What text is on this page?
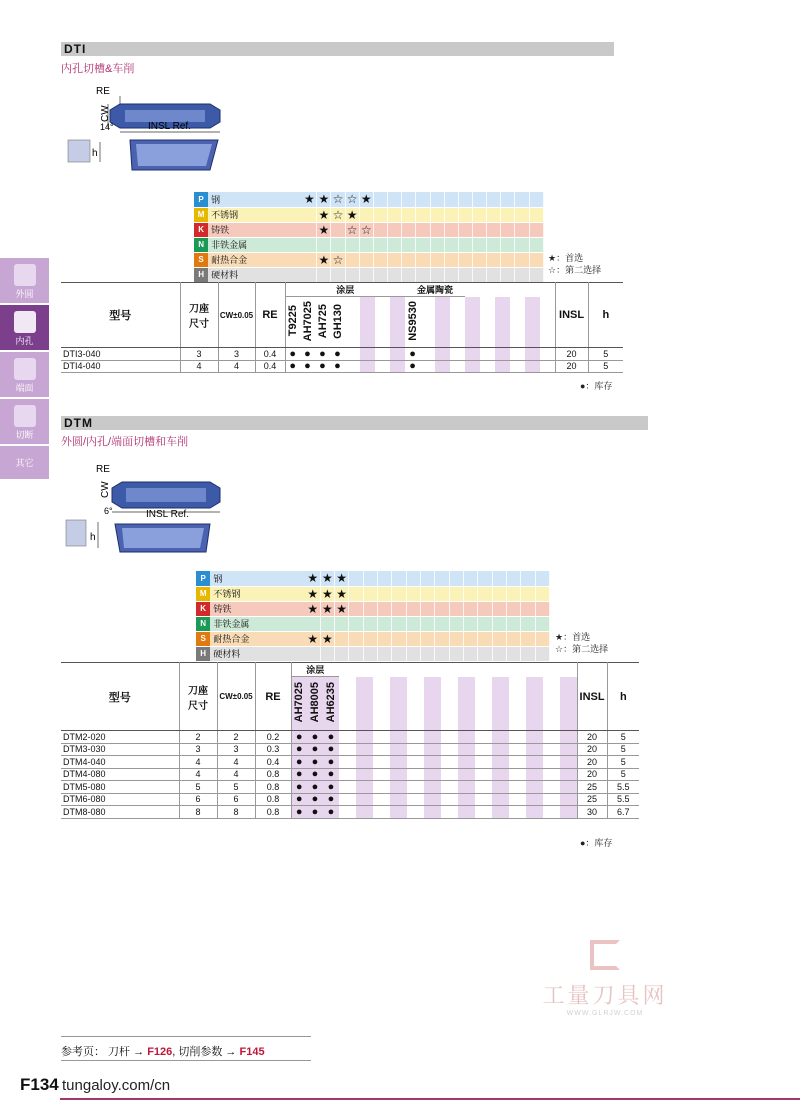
外圆
内孔
端面
切断
其它
DTI
内孔切槽&车削
RE
CW
14°	INSL Ref.
h
P	钢	★	★	☆	☆	★												
M	不锈钢		★	☆	★													
K	铸铁		★		☆	☆												
N	非铁金属																	
S	耐热合金		★	☆														
H	硬材料																	
★：首选
☆：第二选择
型号	刀座尺寸	CW±0.05	RE	涂层								金属陶瓷										INSL	h
				T9225	AH7025	AH725	GH130					NS9530											
DTI3-040	3	3	0.4	●	●	●	●					●										20	5
DTI4-040	4	4	0.4	●	●	●	●					●										20	5
●：库存
DTM
外圆/内孔/端面切槽和车削
RE
CW
6°	INSL Ref.
h
P	钢	★	★	★														
M	不锈钢	★	★	★														
K	铸铁	★	★	★														
N	非铁金属																	
S	耐热合金	★	★															
H	硬材料																	
★：首选
☆：第二选择
型号	刀座尺寸	CW±0.05	RE	涂层																	INSL	h
				AH7025	AH8005	AH6235																
DTM2-020	2	2	0.2	●	●	●															20	5
DTM3-030	3	3	0.3	●	●	●															20	5
DTM4-040	4	4	0.4	●	●	●															20	5
DTM4-080	4	4	0.8	●	●	●															20	5
DTM5-080	5	5	0.8	●	●	●															25	5.5
DTM6-080	6	6	0.8	●	●	●															25	5.5
DTM8-080	8	8	0.8	●	●	●															30	6.7
●：库存
工量刀具网
WWW.GLRJW.COM
参考页： 刀杆 → F126, 切削参数 → F145
F134 tungaloy.com/cn
